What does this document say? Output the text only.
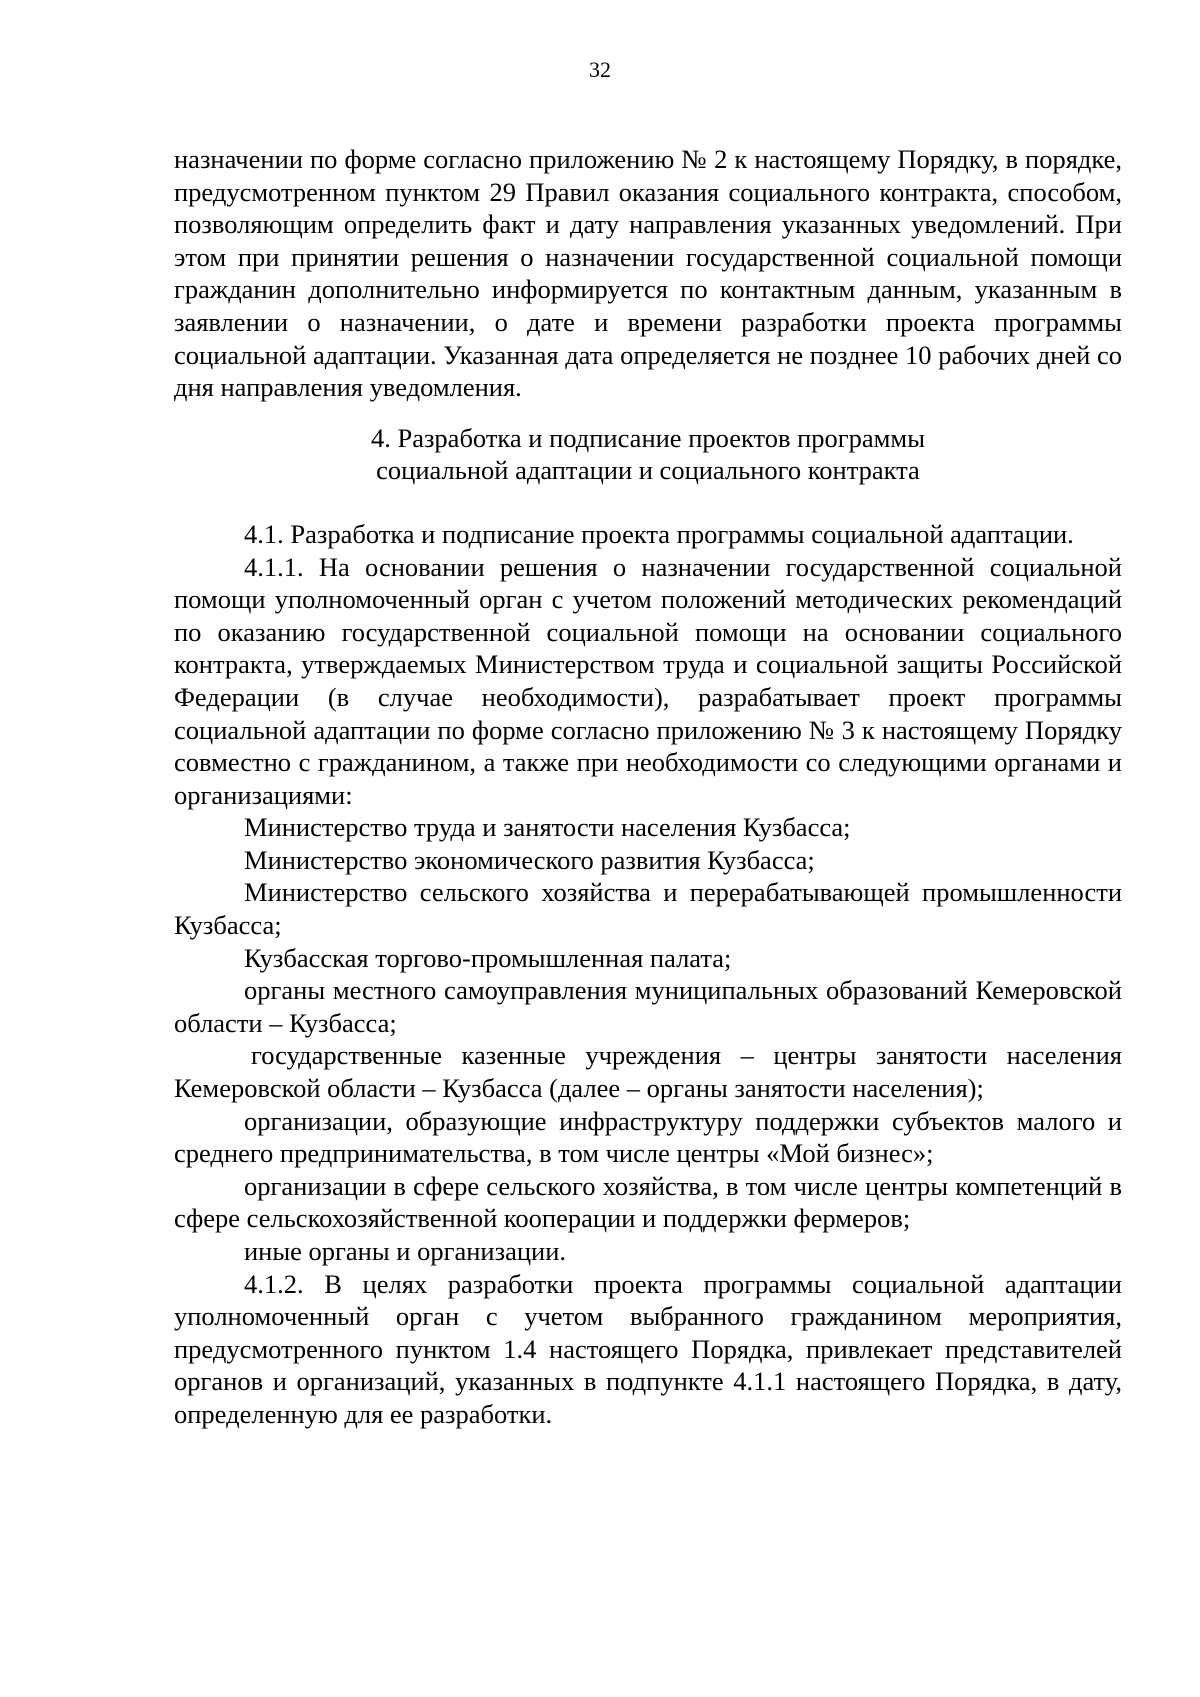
32

назначении по форме согласно приложению № 2 к настоящему Порядку, в порядке, предусмотренном пунктом 29 Правил оказания социального контракта, способом, позволяющим определить факт и дату направления указанных уведомлений. При этом при принятии решения о назначении государственной социальной помощи гражданин дополнительно информируется по контактным данным, указанным в заявлении о назначении, о дате и времени разработки проекта программы социальной адаптации. Указанная дата определяется не позднее 10 рабочих дней со дня направления уведомления.

4. Разработка и подписание проектов программы
социальной адаптации и социального контракта

4.1. Разработка и подписание проекта программы социальной адаптации.

4.1.1. На основании решения о назначении государственной социальной помощи уполномоченный орган с учетом положений методических рекомендаций по оказанию государственной социальной помощи на основании социального контракта, утверждаемых Министерством труда и социальной защиты Российской Федерации (в случае необходимости), разрабатывает проект программы социальной адаптации по форме согласно приложению № 3 к настоящему Порядку совместно с гражданином, а также при необходимости со следующими органами и организациями:

Министерство труда и занятости населения Кузбасса;

Министерство экономического развития Кузбасса;

Министерство сельского хозяйства и перерабатывающей промышленности Кузбасса;

Кузбасская торгово-промышленная палата;

органы местного самоуправления муниципальных образований Кемеровской области – Кузбасса;

государственные казенные учреждения – центры занятости населения Кемеровской области – Кузбасса (далее – органы занятости населения);

организации, образующие инфраструктуру поддержки субъектов малого и среднего предпринимательства, в том числе центры «Мой бизнес»;

организации в сфере сельского хозяйства, в том числе центры компетенций в сфере сельскохозяйственной кооперации и поддержки фермеров;

иные органы и организации.

4.1.2. В целях разработки проекта программы социальной адаптации уполномоченный орган с учетом выбранного гражданином мероприятия, предусмотренного пунктом 1.4 настоящего Порядка, привлекает представителей органов и организаций, указанных в подпункте 4.1.1 настоящего Порядка, в дату, определенную для ее разработки.
